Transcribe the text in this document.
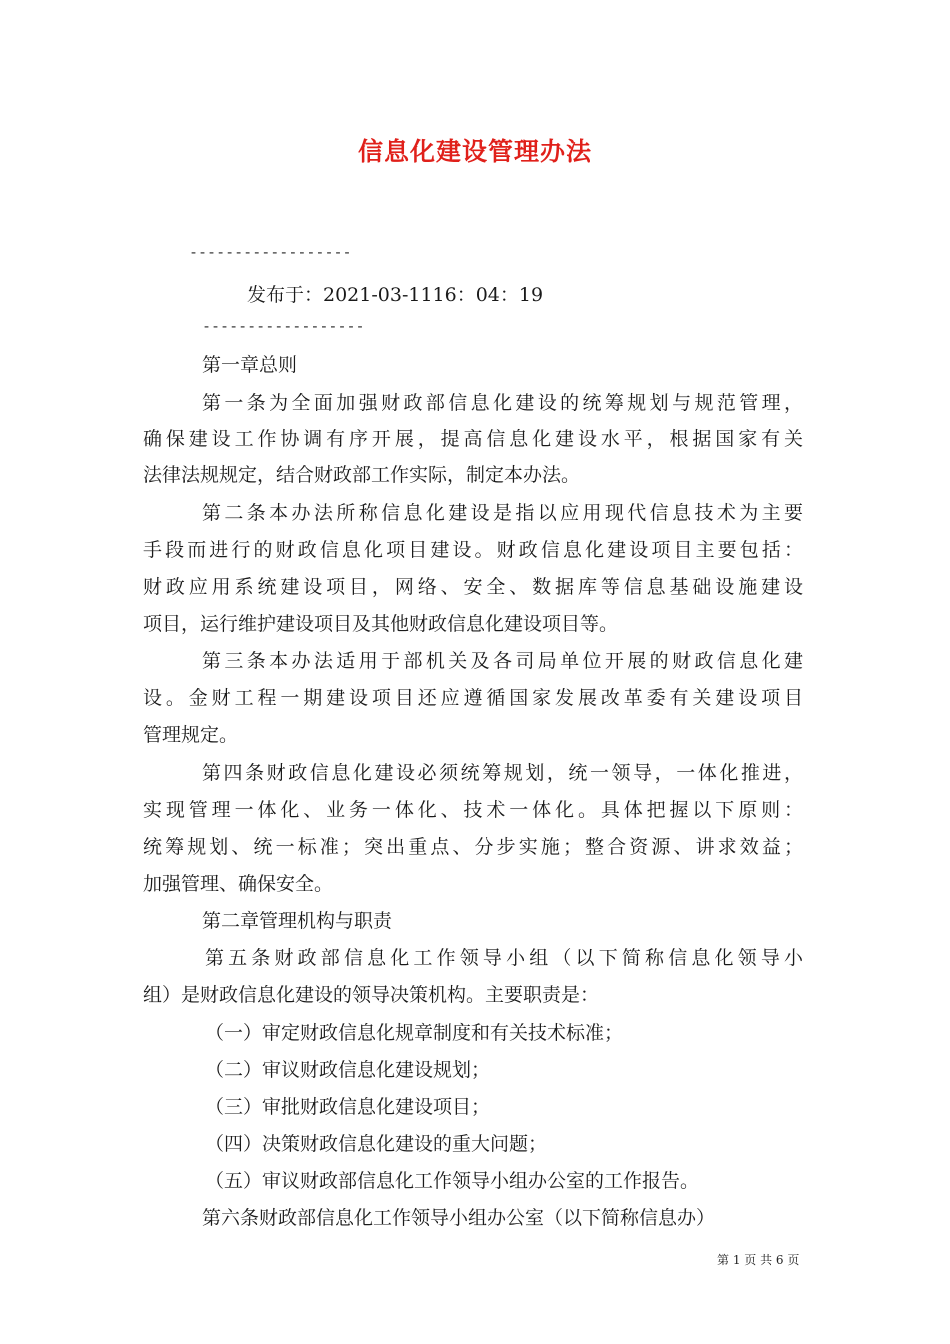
信息化建设管理办法
------------------
发布于：2021-03-1116：04：19
------------------
第一章总则
第一条为全面加强财政部信息化建设的统筹规划与规范管理，
确保建设工作协调有序开展，提高信息化建设水平，根据国家有关
法律法规规定，结合财政部工作实际，制定本办法。
第二条本办法所称信息化建设是指以应用现代信息技术为主要
手段而进行的财政信息化项目建设。财政信息化建设项目主要包括：
财政应用系统建设项目，网络、安全、数据库等信息基础设施建设
项目，运行维护建设项目及其他财政信息化建设项目等。
第三条本办法适用于部机关及各司局单位开展的财政信息化建
设。金财工程一期建设项目还应遵循国家发展改革委有关建设项目
管理规定。
第四条财政信息化建设必须统筹规划，统一领导，一体化推进，
实现管理一体化、业务一体化、技术一体化。具体把握以下原则：
统筹规划、统一标准；突出重点、分步实施；整合资源、讲求效益；
加强管理、确保安全。
第二章管理机构与职责
第五条财政部信息化工作领导小组（以下简称信息化领导小
组）是财政信息化建设的领导决策机构。主要职责是：
（一）审定财政信息化规章制度和有关技术标准；
（二）审议财政信息化建设规划；
（三）审批财政信息化建设项目；
（四）决策财政信息化建设的重大问题；
（五）审议财政部信息化工作领导小组办公室的工作报告。
第六条财政部信息化工作领导小组办公室（以下简称信息办）
第 1 页 共 6 页
